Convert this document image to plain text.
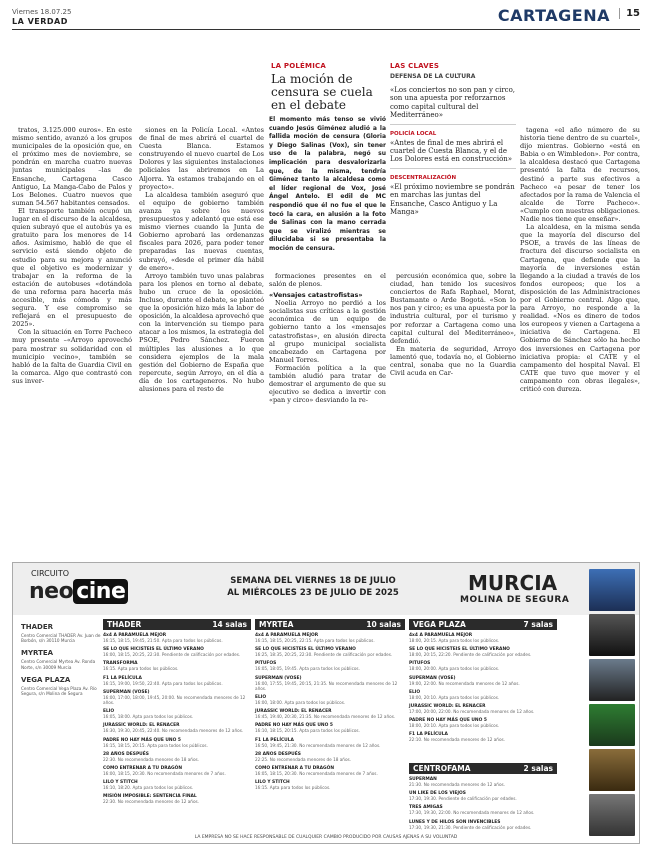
Viernes 18.07.25
LA VERDAD	CARTAGENA	15
LA POLÉMICA
La moción de censura se cuela en el debate
El momento más tenso se vivió cuando Jesús Giménez aludió a la fallida moción de censura (Gloria y Diego Salinas (Vox), sin tener uso de la palabra, negó su implicación para desvalorizarla que, de la misma, tendría Giménez tanto la alcaldesa como el líder regional de Vox, José Ángel Antelo. El edil de MC respondió que él no fue el que le tocó la cara, en alusión a la foto de Salinas con la mano cerrada que se viralizó mientras se dilucidaba si se presentaba la moción de censura.
LAS CLAVES
DEFENSA DE LA CULTURA
«Los conciertos no son pan y circo, son una apuesta por reforzarnos como capital cultural del Mediterráneo»
POLICÍA LOCAL
«Antes de final de mes abrirá el cuartel de Cuesta Blanca, y el de Los Dolores está en construcción»
DESCENTRALIZACIÓN
«El próximo noviembre se pondrán en marchas las juntas del Ensanche, Casco Antiguo y La Manga»

tratos, 3.125.000 euros». En este mismo sentido, avanzó a los grupos municipales de la oposición que, en el próximo mes de noviembre, se pondrán en marcha cuatro nuevas juntas municipales –las de Ensanche, Cartagena Casco Antiguo, La Manga-Cabo de Palos y Los Belones. Cuatro nuevos que suman 54.567 habitantes censados.

El transporte también ocupó un lugar en el discurso de la alcaldesa, quien subrayó que el autobús ya es gratuito para los menores de 14 años. Asimismo, habló de que el servicio está siendo objeto de estudio para su mejora y anunció que el objetivo es modernizar y trabajar en la reforma de la estación de autobuses «dotándola de una reforma para hacerla más accesible, más cómoda y más segura. Y ese compromiso se reflejará en el presupuesto de 2025».

Con la situación en Torre Pacheco muy presente –«Arroyo aprovechó para mostrar su solidaridad con el municipio vecino», también se habló de la falta de Guardia Civil en la comarca. Algo que contrastó con sus inver-

siones en la Policía Local. «Antes de final de mes abrirá el cuartel de Cuesta Blanca. Estamos construyendo el nuevo cuartel de Los Dolores y las siguientes instalaciones policiales las abriremos en La Aljorra. Ya estamos trabajando en el proyecto».

La alcaldesa también aseguró que el equipo de gobierno también avanza ya sobre los nuevos presupuestos y adelantó que está ese mismo viernes cuando la Junta de Gobierno aprobará las ordenanzas fiscales para 2026, para poder tener preparadas las nuevas cuentas, subrayó, «desde el primer día hábil de enero».

Arroyo también tuvo unas palabras para los plenos en torno al debate, hubo un cruce de la oposición. Incluso, durante el debate, se planteó que la oposición hizo más la labor de oposición, la alcaldesa aprovechó que con la intervención su tiempo para atacar a los mismos, la estrategia del PSOE, Pedro Sánchez. Fueron múltiples las alusiones a lo que considera ejemplos de la mala gestión del Gobierno de España que repercute, según Arroyo, en el día a día de los cartageneros. No hubo alusiones para el resto de

formaciones presentes en el salón de plenos.

«Vensajes catastrofistas»

Noelia Arroyo no perdió a los socialistas sus críticas a la gestión económica de un equipo de gobierno tanto a los «mensajes catastrofistas», en alusión directa al grupo municipal socialista encabezado en Cartagena por Manuel Torres.

Formación política a la que también aludió para tratar de demostrar el argumento de que su ejecutivo se dedica a invertir con «pan y circo» desviando la re-

percusión económica que, sobre la ciudad, han tenido los sucesivos conciertos de Rafa Raphael, Morat, Bustamante o Arde Bogotá. «Son lo nos pan y circo; es una apuesta por la industria cultural, por el turismo y por reforzar a Cartagena como una capital cultural del Mediterráneo», defendió.

En materia de seguridad, Arroyo lamentó que, todavía no, el Gobierno central, sonaba que no la Guardia Civil acuda en Car-

tagena «el año número de su historia tiene dentro de su cuartel», dijo mientras. Gobierno «está en Babia o en Wimbledon». Por contra, la alcaldesa destacó que Cartagena presentó la falta de recursos, destinó a parte sus efectivos a Pacheco «a pesar de tener los afectados por la rama de Valencia el alcalde de Torre Pacheco». «Cumplo con nuestras obligaciones. Nadie nos tiene que enseñar».

La alcaldesa, en la misma senda que la mayoría del discurso del PSOE, a través de las líneas de fractura del discurso socialista en Cartagena, que defiende que la mayoría de inversiones están llegando a la ciudad a través de los fondos europeos; que los a disposición de las Administraciones por el Gobierno central. Algo que, para Arroyo, no responde a la realidad. «Nos es dinero de todos los europeos y vienen a Cartagena a iniciativa de Cartagena. El Gobierno de Sánchez sólo ha hecho dos inversiones en Cartagena por iniciativa propia: el CATE y el campamento del hospital Naval. El CATE que tuvo que mover y el campamento con obras ilegales», criticó con dureza.

CIRCUITO
neo cine	SEMANA DEL VIERNES 18 DE JULIO
AL MIÉRCOLES 23 DE JULIO DE 2025	MURCIA
MOLINA DE SEGURA
THADER
Centro Comercial THADER Av. Juan de Borbón, s/n 30110 Murcia
MYRTEA
Centro Comercial Myrtea Av. Ronda Norte, s/n 30009 Murcia
VEGA PLAZA
Centro Comercial Vega Plaza Av. Río Segura, s/n Molina de Segura
THADER	14 salas
4x4 A PARAMUELA MEJOR
16:15, 18:15, 19:45, 21:50. Apta para todos los públicos.
SE LO QUE HICISTEIS EL ÚLTIMO VERANO
16:00, 18:15, 20:25, 22:30. Pendiente de calificación por edades.
TRANSFORMA
16:15. Apta para todos los públicos.
F1 LA PELÍCULA
16:15, 19:00, 19:50, 22:40. Apta para todos los públicos.
SUPERMAN (VOSE)
16:00, 17:00, 18:00, 19:45, 20:00. No recomendada menores de 12 años.
ELIO
16:05, 18:00. Apta para todos los públicos.
JURASSIC WORLD: EL RENACER
16:30, 19:30, 20:45, 22:40. No recomendada menores de 12 años.
PADRE NO HAY MÁS QUE UNO 5
16:15, 18:15, 20:15. Apta para todos los públicos.
28 AÑOS DESPUÉS
22:30. No recomendada menores de 18 años.
COMO ENTRENAR A TU DRAGÓN
16:00, 18:15, 20:30. No recomendada menores de 7 años.
LILO Y STITCH
16:10, 18:20. Apta para todos los públicos.
MISIÓN IMPOSIBLE: SENTENCIA FINAL
22:30. No recomendada menores de 12 años.
MYRTEA	10 salas
4x4 A PARAMUELA MEJOR
16:15, 18:15, 20:25, 22:15. Apta para todos los públicos.
SE LO QUE HICISTEIS EL ÚLTIMO VERANO
16:25, 18:35, 20:25, 22:30. Pendiente de calificación por edades.
PITUFOS
16:05, 18:05, 19:45. Apta para todos los públicos.
SUPERMAN (VOSE)
16:00, 17:55, 19:45, 20:15, 21:35. No recomendada menores de 12 años.
ELIO
16:00, 18:00. Apta para todos los públicos.
JURASSIC WORLD: EL RENACER
16:45, 19:40, 20:30, 21:35. No recomendada menores de 12 años.
PADRE NO HAY MÁS QUE UNO 5
16:10, 18:15, 20:15. Apta para todos los públicos.
F1 LA PELÍCULA
16:50, 19:45, 21:30. No recomendada menores de 12 años.
28 AÑOS DESPUÉS
22:25. No recomendada menores de 18 años.
COMO ENTRENAR A TU DRAGÓN
16:05, 18:15, 20:30. No recomendada menores de 7 años.
LILO Y STITCH
16:15. Apta para todos los públicos.
VEGA PLAZA	7 salas
4x4 A PARAMUELA MEJOR
18:00, 20:15. Apta para todos los públicos.
SE LO QUE HICISTEIS EL ÚLTIMO VERANO
18:00, 20:15, 22:20. Pendiente de calificación por edades.
PITUFOS
18:00, 20:00. Apta para todos los públicos.
SUPERMAN (VOSE)
19:00, 22:00. No recomendada menores de 12 años.
ELIO
18:00, 20:10. Apta para todos los públicos.
JURASSIC WORLD: EL RENACER
17:00, 20:00, 22:00. No recomendada menores de 12 años.
PADRE NO HAY MÁS QUE UNO 5
18:00, 20:10. Apta para todos los públicos.
F1 LA PELÍCULA
22:10. No recomendada menores de 12 años.
CENTROFAMA	2 salas
SUPERMAN
21:30. No recomendada menores de 12 años.
UN LIKE DE LOS VIEJOS
17:30, 19:30. Pendiente de calificación por edades.
TRES AMIGAS
17:30, 19:30, 22:00. No recomendada menores de 12 años.
LUNES Y DE HILOS SON INVENCIBLES
17:30, 19:30, 21:30. Pendiente de calificación por edades.
LA EMPRESA NO SE HACE RESPONSABLE DE CUALQUIER CAMBIO PRODUCIDO POR CAUSAS AJENAS A SU VOLUNTAD
